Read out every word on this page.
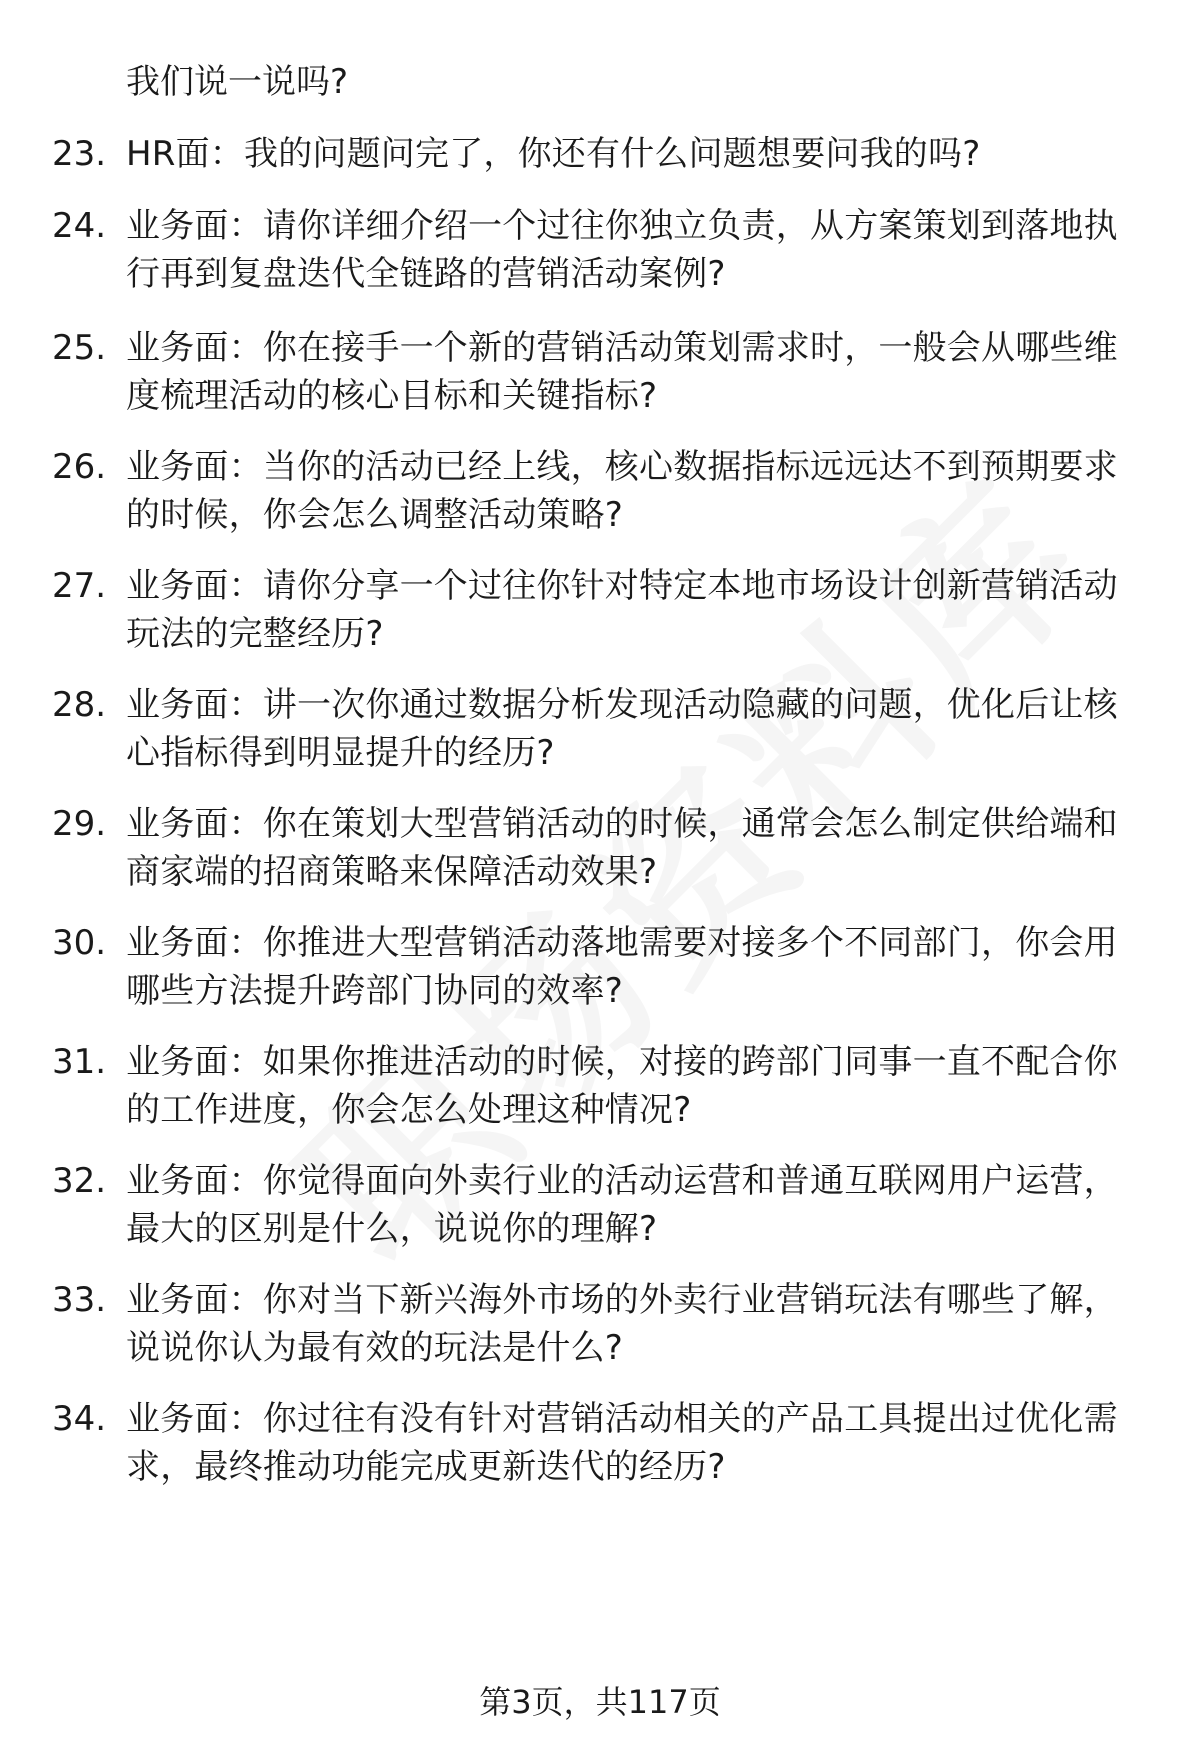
我们说一说吗?
23. HR面：我的问题问完了，你还有什么问题想要问我的吗?
24. 业务面：请你详细介绍一个过往你独立负责，从方案策划到落地执行再到复盘迭代全链路的营销活动案例?
25. 业务面：你在接手一个新的营销活动策划需求时，一般会从哪些维度梳理活动的核心目标和关键指标?
26. 业务面：当你的活动已经上线，核心数据指标远远达不到预期要求的时候，你会怎么调整活动策略?
27. 业务面：请你分享一个过往你针对特定本地市场设计创新营销活动玩法的完整经历?
28. 业务面：讲一次你通过数据分析发现活动隐藏的问题，优化后让核心指标得到明显提升的经历?
29. 业务面：你在策划大型营销活动的时候，通常会怎么制定供给端和商家端的招商策略来保障活动效果?
30. 业务面：你推进大型营销活动落地需要对接多个不同部门，你会用哪些方法提升跨部门协同的效率?
31. 业务面：如果你推进活动的时候，对接的跨部门同事一直不配合你的工作进度，你会怎么处理这种情况?
32. 业务面：你觉得面向外卖行业的活动运营和普通互联网用户运营，最大的区别是什么，说说你的理解?
33. 业务面：你对当下新兴海外市场的外卖行业营销玩法有哪些了解，说说你认为最有效的玩法是什么?
34. 业务面：你过往有没有针对营销活动相关的产品工具提出过优化需求，最终推动功能完成更新迭代的经历?
第3页，共117页
